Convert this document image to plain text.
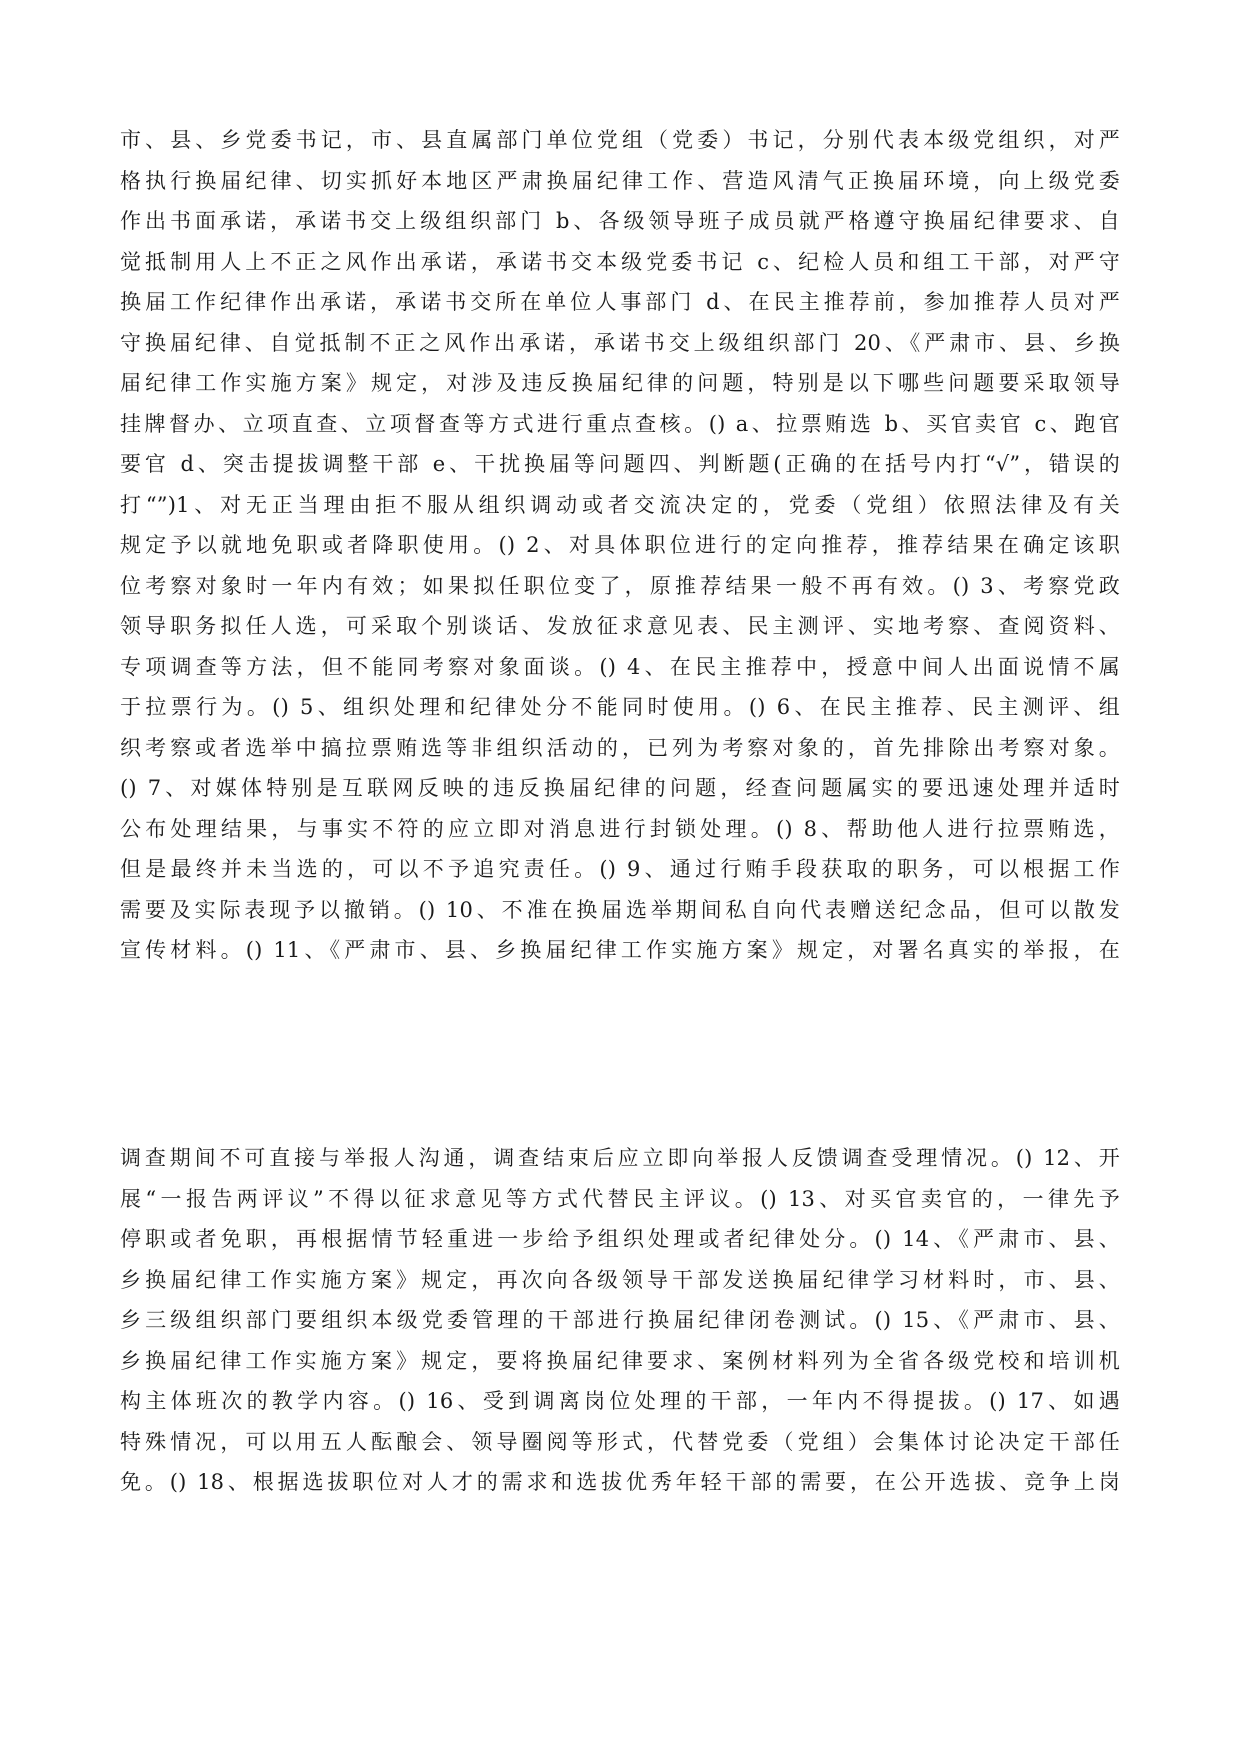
市、县、乡党委书记，市、县直属部门单位党组（党委）书记，分别代表本级党组织，对严
格执行换届纪律、切实抓好本地区严肃换届纪律工作、营造风清气正换届环境，向上级党委
作出书面承诺，承诺书交上级组织部门 b、各级领导班子成员就严格遵守换届纪律要求、自
觉抵制用人上不正之风作出承诺，承诺书交本级党委书记 c、纪检人员和组工干部，对严守
换届工作纪律作出承诺，承诺书交所在单位人事部门 d、在民主推荐前，参加推荐人员对严
守换届纪律、自觉抵制不正之风作出承诺，承诺书交上级组织部门 20、《严肃市、县、乡换
届纪律工作实施方案》规定，对涉及违反换届纪律的问题，特别是以下哪些问题要采取领导
挂牌督办、立项直查、立项督查等方式进行重点查核。() a、拉票贿选 b、买官卖官 c、跑官
要官 d、突击提拔调整干部 e、干扰换届等问题四、判断题(正确的在括号内打“√”，错误的
打“”)1、对无正当理由拒不服从组织调动或者交流决定的，党委（党组）依照法律及有关
规定予以就地免职或者降职使用。() 2、对具体职位进行的定向推荐，推荐结果在确定该职
位考察对象时一年内有效；如果拟任职位变了，原推荐结果一般不再有效。() 3、考察党政
领导职务拟任人选，可采取个别谈话、发放征求意见表、民主测评、实地考察、查阅资料、
专项调查等方法，但不能同考察对象面谈。() 4、在民主推荐中，授意中间人出面说情不属
于拉票行为。() 5、组织处理和纪律处分不能同时使用。() 6、在民主推荐、民主测评、组
织考察或者选举中搞拉票贿选等非组织活动的，已列为考察对象的，首先排除出考察对象。
() 7、对媒体特别是互联网反映的违反换届纪律的问题，经查问题属实的要迅速处理并适时
公布处理结果，与事实不符的应立即对消息进行封锁处理。() 8、帮助他人进行拉票贿选，
但是最终并未当选的，可以不予追究责任。() 9、通过行贿手段获取的职务，可以根据工作
需要及实际表现予以撤销。() 10、不准在换届选举期间私自向代表赠送纪念品，但可以散发
宣传材料。() 11、《严肃市、县、乡换届纪律工作实施方案》规定，对署名真实的举报，在
调查期间不可直接与举报人沟通，调查结束后应立即向举报人反馈调查受理情况。() 12、开
展“一报告两评议”不得以征求意见等方式代替民主评议。() 13、对买官卖官的，一律先予
停职或者免职，再根据情节轻重进一步给予组织处理或者纪律处分。() 14、《严肃市、县、
乡换届纪律工作实施方案》规定，再次向各级领导干部发送换届纪律学习材料时，市、县、
乡三级组织部门要组织本级党委管理的干部进行换届纪律闭卷测试。() 15、《严肃市、县、
乡换届纪律工作实施方案》规定，要将换届纪律要求、案例材料列为全省各级党校和培训机
构主体班次的教学内容。() 16、受到调离岗位处理的干部，一年内不得提拔。() 17、如遇
特殊情况，可以用五人酝酿会、领导圈阅等形式，代替党委（党组）会集体讨论决定干部任
免。() 18、根据选拔职位对人才的需求和选拔优秀年轻干部的需要，在公开选拔、竞争上岗
